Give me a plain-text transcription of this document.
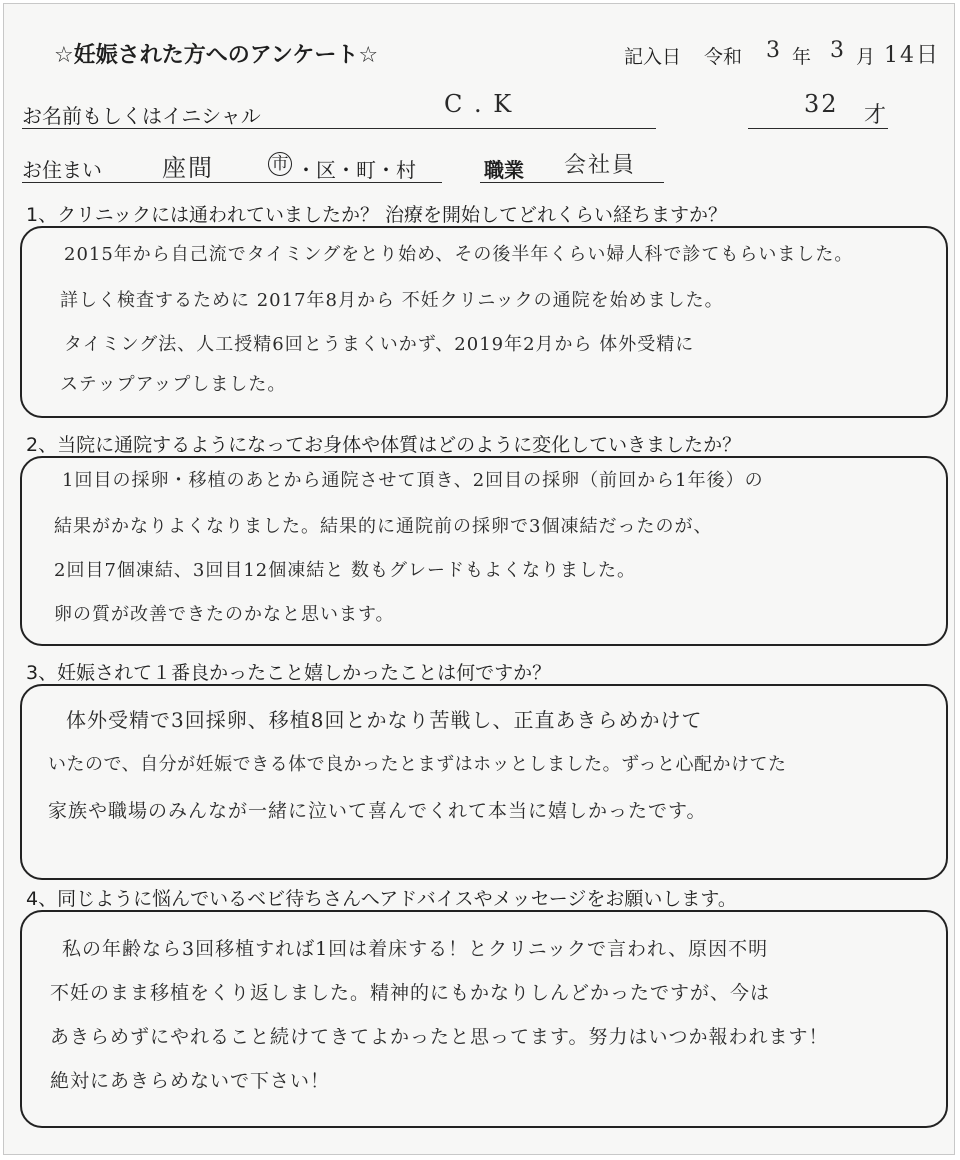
☆妊娠された方へのアンケート☆	記入日 令和 3 年 3 月 14日
お名前もしくはイニシャル	C . K	32 才
お住まい	座間	市 ・区・町・村	職業 会社員
1、クリニックには通われていましたか？ 治療を開始してどれくらい経ちますか？
2015年から自己流でタイミングをとり始め、その後半年くらい婦人科で診てもらいました。
詳しく検査するために 2017年8月から 不妊クリニックの通院を始めました。
タイミング法、人工授精6回とうまくいかず、2019年2月から 体外受精に
ステップアップしました。
2、当院に通院するようになってお身体や体質はどのように変化していきましたか？
1回目の採卵・移植のあとから通院させて頂き、2回目の採卵（前回から1年後）の
結果がかなりよくなりました。結果的に通院前の採卵で3個凍結だったのが、
2回目7個凍結、3回目12個凍結と 数もグレードもよくなりました。
卵の質が改善できたのかなと思います。
3、妊娠されて１番良かったこと嬉しかったことは何ですか？
体外受精で3回採卵、移植8回とかなり苦戦し、正直あきらめかけて
いたので、自分が妊娠できる体で良かったとまずはホッとしました。ずっと心配かけてた
家族や職場のみんなが一緒に泣いて喜んでくれて本当に嬉しかったです。
4、同じように悩んでいるベビ待ちさんへアドバイスやメッセージをお願いします。
私の年齢なら3回移植すれば1回は着床する！とクリニックで言われ、原因不明
不妊のまま移植をくり返しました。精神的にもかなりしんどかったですが、今は
あきらめずにやれること続けてきてよかったと思ってます。努力はいつか報われます！
絶対にあきらめないで下さい！
